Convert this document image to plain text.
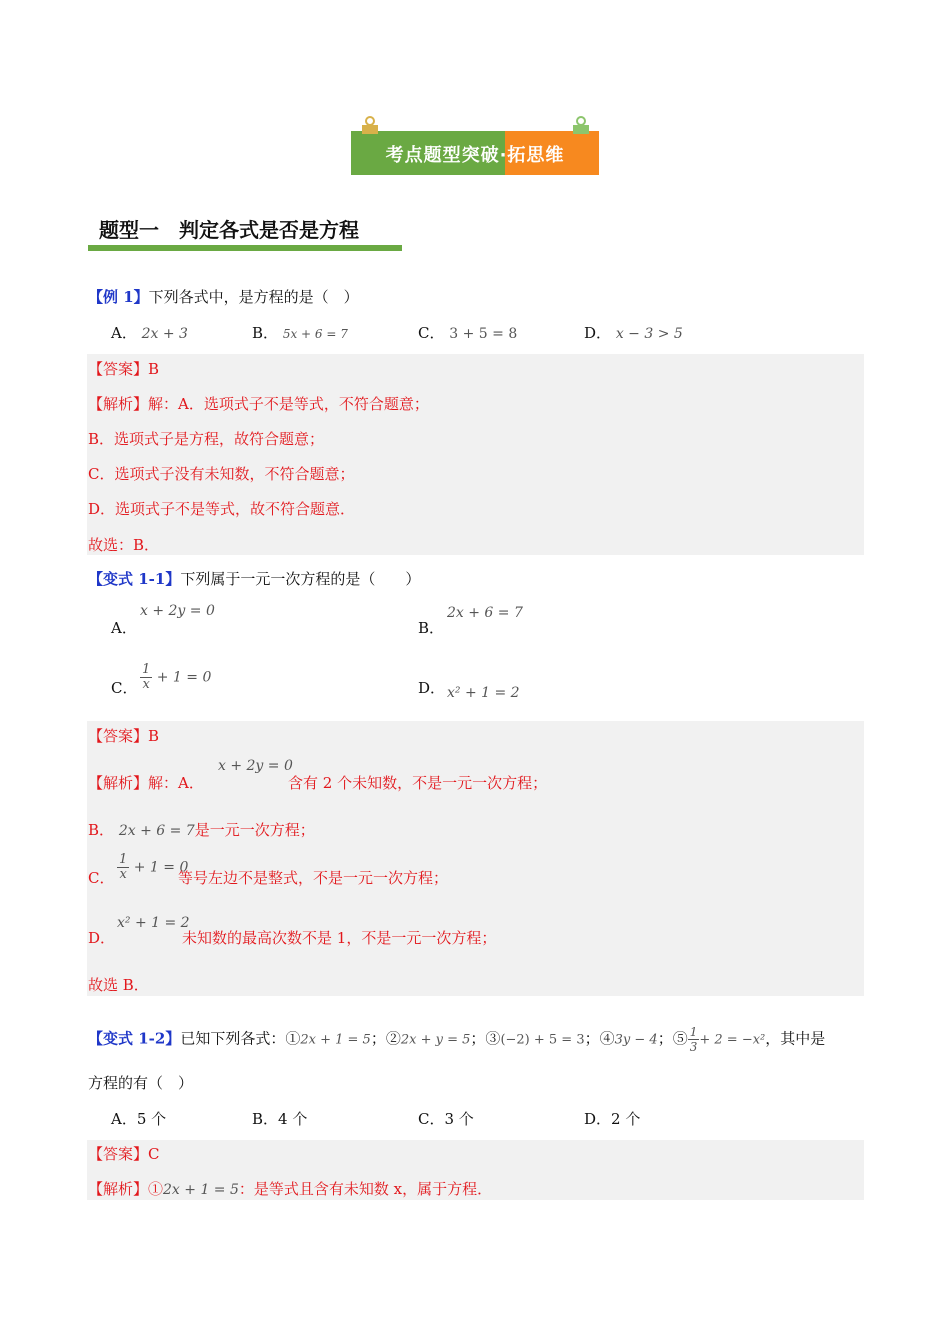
考点题型突破·拓思维
题型一　判定各式是否是方程
【例 1】下列各式中，是方程的是（　）
A． 2x + 3	B． 5x + 6 = 7	C． 3 + 5 = 8	D． x − 3 > 5
【答案】B
【解析】解：A．选项式子不是等式，不符合题意；
B．选项式子是方程，故符合题意；
C．选项式子没有未知数，不符合题意；
D．选项式子不是等式，故不符合题意．
故选：B．
【变式 1-1】下列属于一元一次方程的是（　　）
A．
x + 2y = 0
B．
2x + 6 = 7
C． $\frac{1}{x} + 1 = 0$
D． x² + 1 = 2
【答案】B
【解析】解：A．
x + 2y = 0
含有 2 个未知数，不是一元一次方程；
B． 2x + 6 = 7是一元一次方程；
C． $\frac{1}{x} + 1 = 0$
等号左边不是整式，不是一元一次方程；
D．
x² + 1 = 2
未知数的最高次数不是 1，不是一元一次方程；
故选 B．
【变式 1-2】已知下列各式：①2x + 1 = 5；②2x + y = 5；③(−2) + 5 = 3；④3y − 4；⑤ $\frac{1}{3} + 2 = -x^2$，其中是
方程的有（　）
A．5 个	B．4 个	C．3 个	D．2 个
【答案】C
【解析】①2x + 1 = 5：是等式且含有未知数 x，属于方程．
